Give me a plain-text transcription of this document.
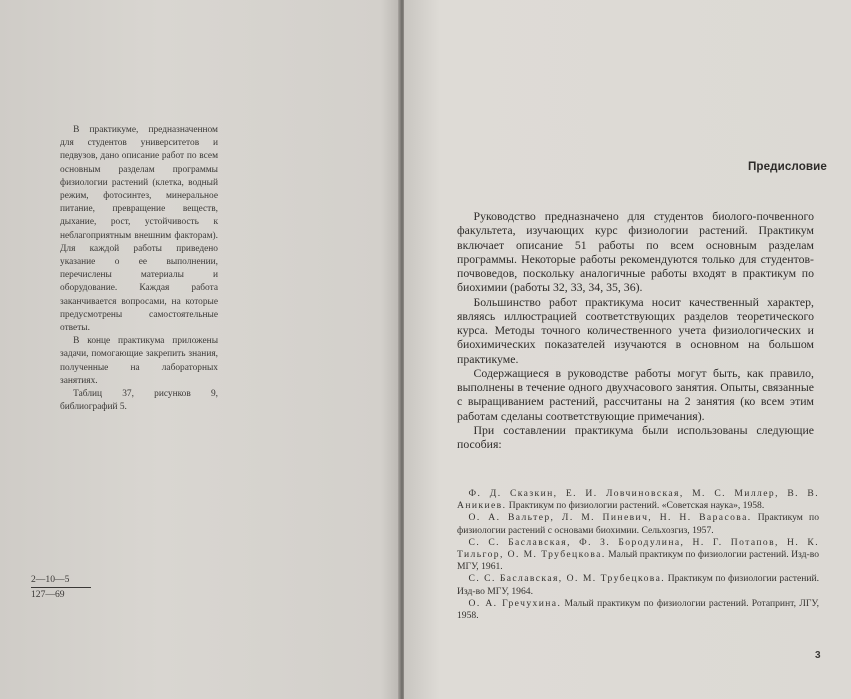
В практикуме, предназначенном для студентов университетов и педвузов, дано описание работ по всем основным разделам программы физиологии растений (клетка, водный режим, фотосинтез, минеральное питание, превращение веществ, дыхание, рост, устойчивость к неблагоприятным внешним факторам). Для каждой работы приведено указание о ее выполнении, перечислены материалы и оборудование. Каждая работа заканчивается вопросами, на которые предусмотрены самостоятельные ответы.

В конце практикума приложены задачи, помогающие закрепить знания, полученные на лабораторных занятиях.

Таблиц 37, рисунков 9, библиографий 5.

2—10—5
127—69
Предисловие

Руководство предназначено для студентов биолого-почвенного факультета, изучающих курс физиологии растений. Практикум включает описание 51 работы по всем основным разделам программы. Некоторые работы рекомендуются только для студентов-почвоведов, поскольку аналогичные работы входят в практикум по биохимии (работы 32, 33, 34, 35, 36).

Большинство работ практикума носит качественный характер, являясь иллюстрацией соответствующих разделов теоретического курса. Методы точного количественного учета физиологических и биохимических показателей изучаются в основном на большом практикуме.

Содержащиеся в руководстве работы могут быть, как правило, выполнены в течение одного двухчасового занятия. Опыты, связанные с выращиванием растений, рассчитаны на 2 занятия (ко всем этим работам сделаны соответствующие примечания).

При составлении практикума были использованы следующие пособия:

Ф. Д. Сказкин, Е. И. Ловчиновская, М. С. Миллер, В. В. Аникиев. Практикум по физиологии растений. «Советская наука», 1958.

О. А. Вальтер, Л. М. Пиневич, Н. Н. Варасова. Практикум по физиологии растений с основами биохимии. Сельхозгиз, 1957.

С. С. Баславская, Ф. З. Бородулина, Н. Г. Потапов, Н. К. Тильгор, О. М. Трубецкова. Малый практикум по физиологии растений. Изд-во МГУ, 1961.

С. С. Баславская, О. М. Трубецкова. Практикум по физиологии растений. Изд-во МГУ, 1964.

О. А. Гречухина. Малый практикум по физиологии растений. Ротапринт, ЛГУ, 1958.

3
